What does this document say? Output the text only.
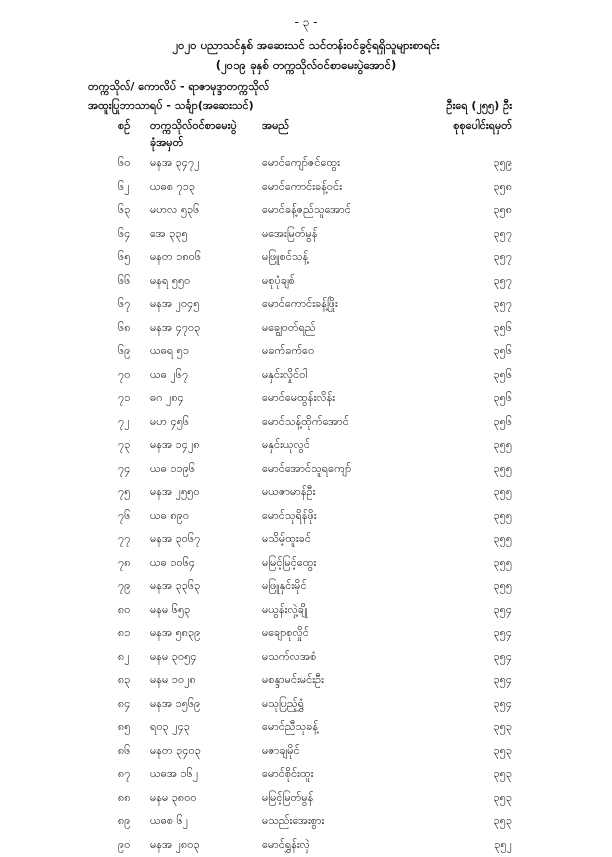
- ၃ -
၂၀၂၀ ပညာသင်နှစ် အဆေးသင် သင်တန်းဝင်ခွင့်ရရှိသူများစာရင်း
(၂၀၁၉ ခုနှစ် တက္ကသိုလ်ဝင်စာမေးပွဲအောင်)
တက္ကသိုလ်/ ကောလိပ် - ရာဇာမုဒ္ဒာတက္ကသိုလ်
အထူးပြုဘာသာရပ် - သင်္ချာ(အဆေးသင်)	ဦးရေ (၂၅၅) ဦး
စဉ် တက္ကသိုလ်ဝင်စာမေးပွဲ
ခုံအမှတ်
အမည်	စုစုပေါင်းရမှတ်
၆၀ မနအ ၃၄၇၂	မောင်ကျော်ဇင်ထွေး	၃၅၉
၆၂ ယဓစ ၇၁၃	မောင်ကောင်းခန့်ဝင်း	၃၅၈
၆၃ မဟလ ၅၃၆	မောင်ခန့်ဇည်သူအောင်	၃၅၈
၆၄ အေ ၃၃၅	မအေးမြတ်မွန်	၃၅၇
၆၅ မနတ ၁၈၀၆	မဖြူစင်သန့်	၃၅၇
၆၆ မနရ ၅၅၀	မစုပုံချစ်	၃၅၇
၆၇ မနအ ၂၀၄၅	မောင်ကောင်းခန့်ဖြိုး	၃၅၇
၆၈ မနအ ၄၇၀၃	မချွေဝတ်ရည်	၃၅၆
၆၉ ယဓရ ၅၁	မခက်ခက်ဝေ	၃၅၆
၇၀ ယဓ ၂၆၇	မနှင်းလှိုင်ဝါ	၃၅၆
၇၁ ဓဂ ၂၈၄	မောင်မေထွန်းလိန်း	၃၅၆
၇၂ မဟ ၄၅၆	မောင်သန့်ထိုက်အောင်	၃၅၆
၇၃ မနအ ၁၄၂၈	မနှင်းယုလွင်	၃၅၅
၇၄ ယဓ ၁၁၉၆	မောင်အောင်သူရကျော်	၃၅၅
၇၅ မနအ ၂၅၅၀	မယဇာမာန်ဦး	၃၅၅
၇၆ ယဓ ၈၉၀	မောင်သုရိန်ဖိုး	၃၅၅
၇၇ မနအ ၃၀၆၇	မသိမ့်ထူးခင်	၃၅၅
၇၈ ယဓ ၁၀၆၄	မမြင့်မြင့်ထွေး	၃၅၅
၇၉ မနအ ၃၃၆၃	မဖြူနှင်းမိုင်	၃၅၅
၈၀ မနမ ၆၅၃	မယွန်းလှဲ့ချို	၃၅၄
၈၁ မနအ ၅၈၃၉	မချောစုလှိုင်	၃၅၄
၈၂ မနမ ၃၀၅၄	မသက်လအစံ	၃၅၄
၈၃ မနမ ၁၀၂၈	မစန္ဒာမင်းမင်းဦး	၃၅၄
၈၄ မနအ ၁၅၆၉	မသုပြည့်ရွှံ	၃၅၄
၈၅ ရဝ၃ ၂၄၃	မောင်ညီသုခန့်	၃၅၃
၈၆ မနတ ၃၄၀၃	မဇာချမိုင်	၃၅၃
၈၇ ယဓအ ၁၆၂	မောင်စိုင်းထူး	၃၅၃
၈၈ မနမ ၃၈၀၀	မမြင့်မြတ်မွန်	၃၅၃
၈၉ ယဓစ ၆၂	မသည်းအေးစွား	၃၅၃
၉၀ မနအ ၂၈၀၃	မောင်ရွှန်းလှဲ	၃၅၂
